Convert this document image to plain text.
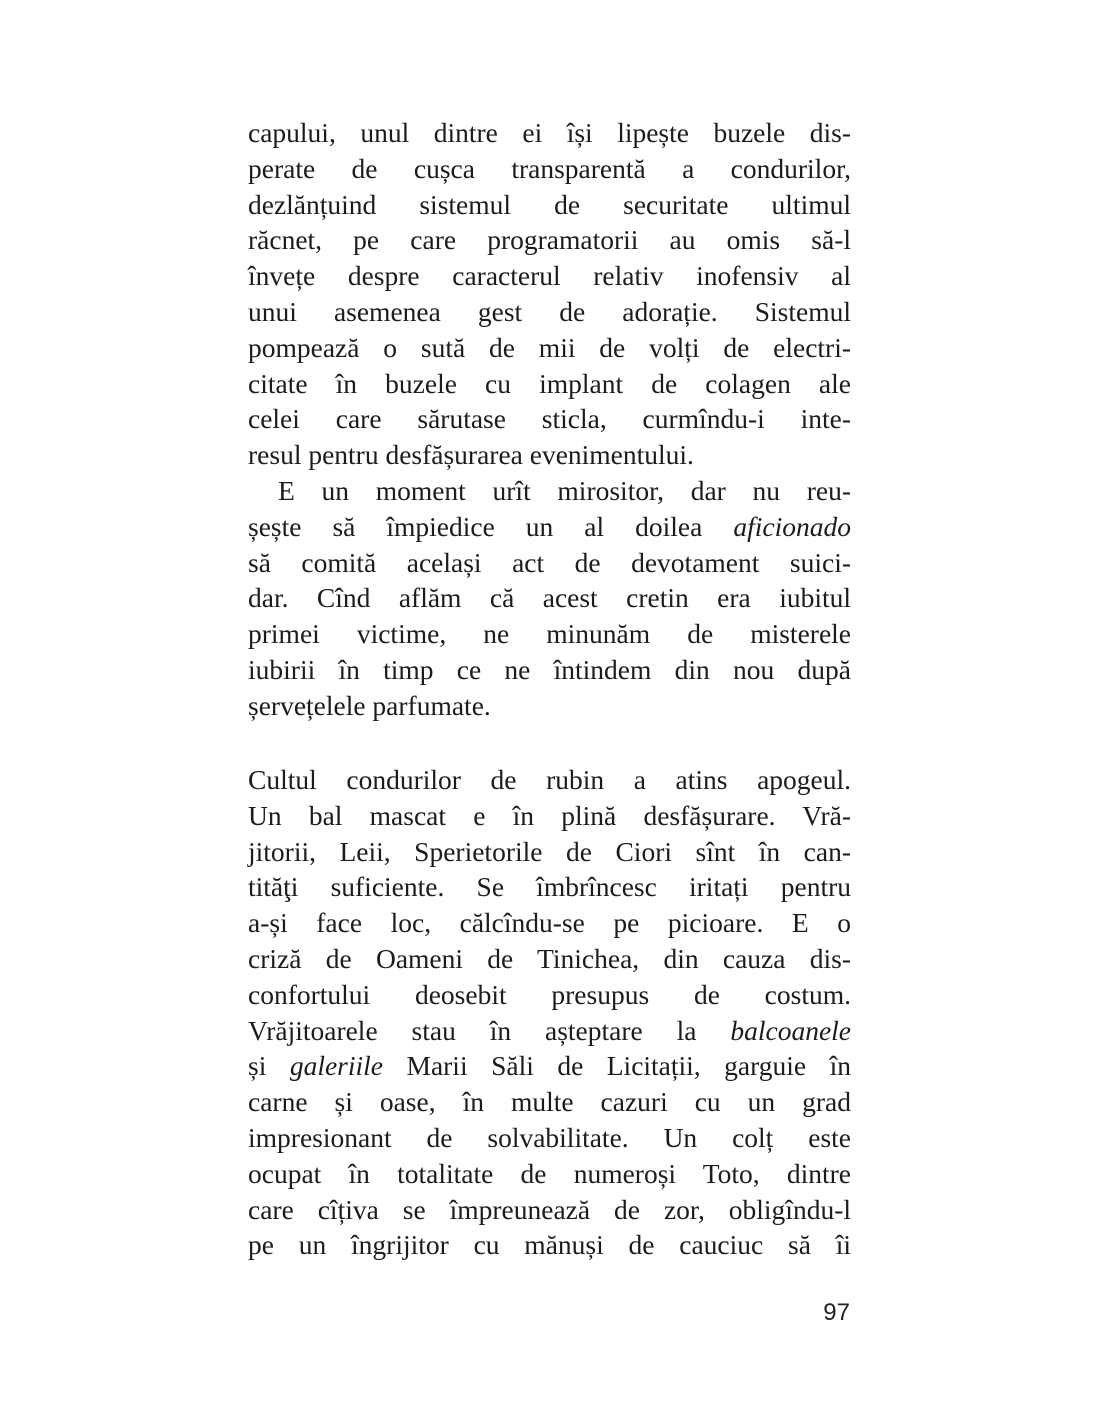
capului, unul dintre ei își lipește buzele dis-
perate de cușca transparentă a condurilor,
dezlănțuind sistemul de securitate ultimul
răcnet, pe care programatorii au omis să-l
învețe despre caracterul relativ inofensiv al
unui asemenea gest de adorație. Sistemul
pompează o sută de mii de volți de electri-
citate în buzele cu implant de colagen ale
celei care sărutase sticla, curmîndu-i inte-
resul pentru desfășurarea evenimentului.
E un moment urît mirositor, dar nu reu-
șește să împiedice un al doilea aficionado
să comită același act de devotament suici-
dar. Cînd aflăm că acest cretin era iubitul
primei victime, ne minunăm de misterele
iubirii în timp ce ne întindem din nou după
șervețelele parfumate.
Cultul condurilor de rubin a atins apogeul.
Un bal mascat e în plină desfășurare. Vră-
jitorii, Leii, Sperietorile de Ciori sînt în can-
tităţi suficiente. Se îmbrîncesc iritați pentru
a-și face loc, călcîndu-se pe picioare. E o
criză de Oameni de Tinichea, din cauza dis-
confortului deosebit presupus de costum.
Vrăjitoarele stau în așteptare la balcoanele
și galeriile Marii Săli de Licitații, garguie în
carne și oase, în multe cazuri cu un grad
impresionant de solvabilitate. Un colț este
ocupat în totalitate de numeroși Toto, dintre
care cîțiva se împreunează de zor, obligîndu-l
pe un îngrijitor cu mănuși de cauciuc să îi
97
